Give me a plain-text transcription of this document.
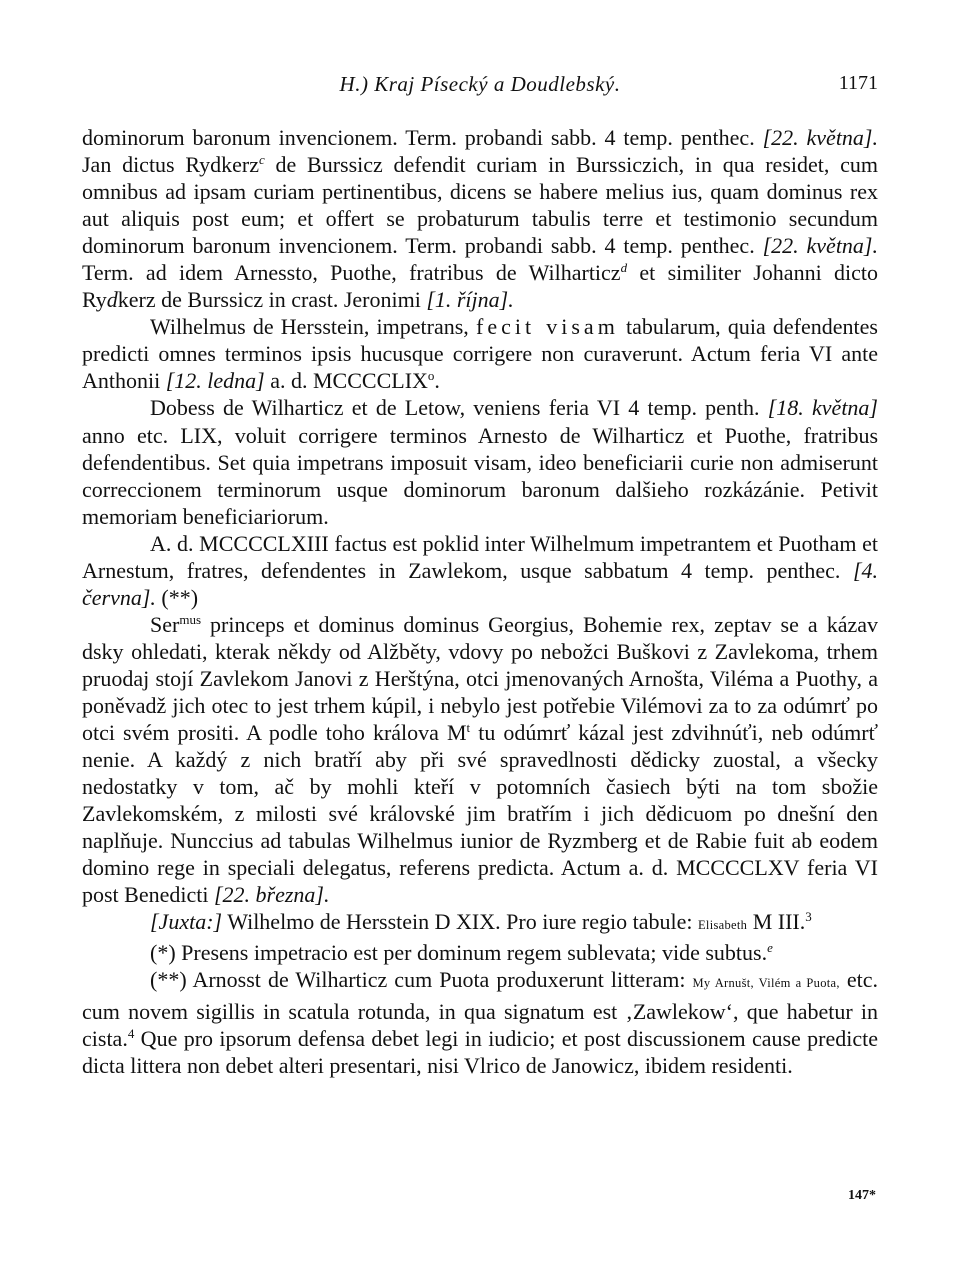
H.) Kraj Písecký a Doudlebský.	1171

dominorum baronum invencionem. Term. probandi sabb. 4 temp. penthec. [22. května]. Jan dictus Rydkerz$^c$ de Burssicz defendit curiam in Burssiczich, in qua residet, cum omnibus ad ipsam curiam pertinentibus, dicens se habere melius ius, quam dominus rex aut aliquis post eum; et offert se probaturum tabulis terre et testimonio secundum dominorum baronum invencionem. Term. probandi sabb. 4 temp. penthec. [22. května]. Term. ad idem Arnessto, Puothe, fratribus de Wilharticz$^d$ et similiter Johanni dicto Rydkerz de Burssicz in crast. Jeronimi [1. října].

Wilhelmus de Hersstein, impetrans, fecit visam tabularum, quia defendentes predicti omnes terminos ipsis hucusque corrigere non curaverunt. Actum feria VI ante Anthonii [12. ledna] a. d. MCCCCLIX$^o$.

Dobess de Wilharticz et de Letow, veniens feria VI 4 temp. penth. [18. května] anno etc. LIX, voluit corrigere terminos Arnesto de Wilharticz et Puothe, fratribus defendentibus. Set quia impetrans imposuit visam, ideo beneficiarii curie non admiserunt correccionem terminorum usque dominorum baronum dalšieho rozkázánie. Petivit memoriam beneficiariorum.

A. d. MCCCCLXIII factus est poklid inter Wilhelmum impetrantem et Puotham et Arnestum, fratres, defendentes in Zawlekom, usque sabbatum 4 temp. penthec. [4. června]. (**)

Ser$^{mus}$ princeps et dominus dominus Georgius, Bohemie rex, zeptav se a kázav dsky ohledati, kterak někdy od Alžběty, vdovy po nebožci Buškovi z Zavlekoma, trhem pruodaj stojí Zavlekom Janovi z Herštýna, otci jmenovaných Arnošta, Viléma a Puothy, a poněvadž jich otec to jest trhem kúpil, i nebylo jest potřebie Vilémovi za to za odúmrť po otci svém prositi. A podle toho králova $M^t$ tu odúmrť kázal jest zdvihnúťi, neb odúmrť nenie. A každý z nich bratří aby při své spravedlnosti dědicky zuostal, a všecky nedostatky v tom, ač by mohli kteří v potomních časiech býti na tom sbožie Zavlekomském, z milosti své královské jim bratřím i jich dědicuom po dnešní den naplňuje. Nunccius ad tabulas Wilhelmus iunior de Ryzmberg et de Rabie fuit ab eodem domino rege in speciali delegatus, referens predicta. Actum a. d. MCCCCLXV feria VI post Benedicti [22. března].

[Juxta:] Wilhelmo de Hersstein D XIX. Pro iure regio tabule: Elisabeth M III.$^3$

(*) Presens impetracio est per dominum regem sublevata; vide subtus.$^e$

(**) Arnosst de Wilharticz cum Puota produxerunt litteram: My Arnušt, Vilém a Puota, etc. cum novem sigillis in scatula rotunda, in qua signatum est ‚Zawlekow‘, que habetur in cista.$^4$ Que pro ipsorum defensa debet legi in iudicio; et post discussionem cause predicte dicta littera non debet alteri presentari, nisi Vlrico de Janowicz, ibidem residenti.

147*
